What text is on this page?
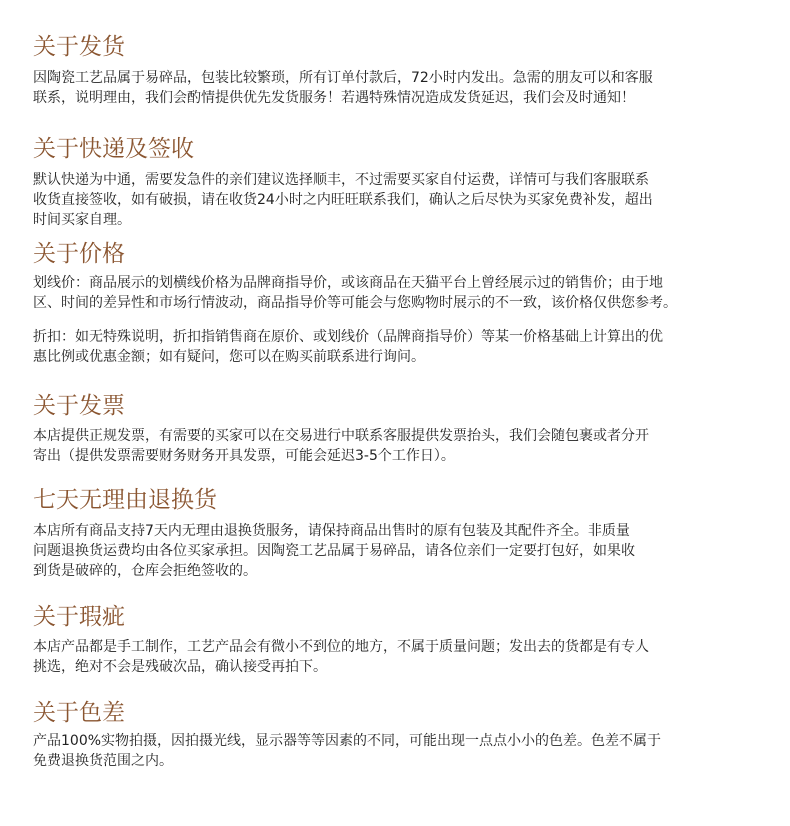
关于发货
因陶瓷工艺品属于易碎品，包装比较繁琐，所有订单付款后，72小时内发出。急需的朋友可以和客服
联系，说明理由，我们会酌情提供优先发货服务！若遇特殊情况造成发货延迟，我们会及时通知！
关于快递及签收
默认快递为中通，需要发急件的亲们建议选择顺丰，不过需要买家自付运费，详情可与我们客服联系
收货直接签收，如有破损，请在收货24小时之内旺旺联系我们，确认之后尽快为买家免费补发，超出
时间买家自理。
关于价格
划线价：商品展示的划横线价格为品牌商指导价，或该商品在天猫平台上曾经展示过的销售价；由于地
区、时间的差异性和市场行情波动，商品指导价等可能会与您购物时展示的不一致，该价格仅供您参考。
折扣：如无特殊说明，折扣指销售商在原价、或划线价（品牌商指导价）等某一价格基础上计算出的优
惠比例或优惠金额；如有疑问，您可以在购买前联系进行询问。
关于发票
本店提供正规发票，有需要的买家可以在交易进行中联系客服提供发票抬头，我们会随包裹或者分开
寄出（提供发票需要财务财务开具发票，可能会延迟3-5个工作日）。
七天无理由退换货
本店所有商品支持7天内无理由退换货服务，请保持商品出售时的原有包装及其配件齐全。非质量
问题退换货运费均由各位买家承担。因陶瓷工艺品属于易碎品，请各位亲们一定要打包好，如果收
到货是破碎的，仓库会拒绝签收的。
关于瑕疵
本店产品都是手工制作，工艺产品会有微小不到位的地方，不属于质量问题；发出去的货都是有专人
挑选，绝对不会是残破次品，确认接受再拍下。
关于色差
产品100%实物拍摄，因拍摄光线，显示器等等因素的不同，可能出现一点点小小的色差。色差不属于
免费退换货范围之内。
